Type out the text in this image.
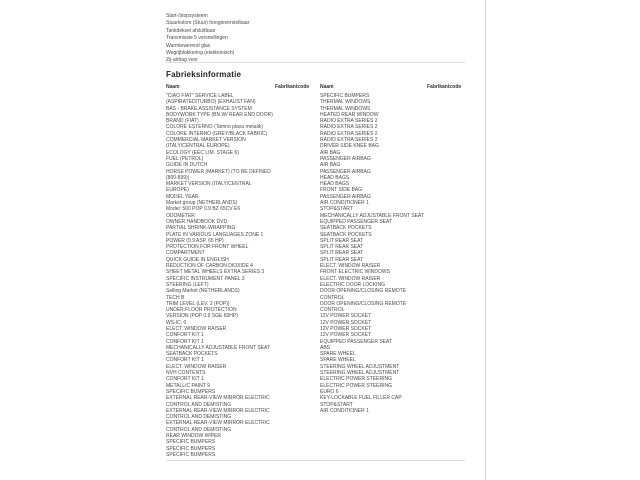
Start-/stopsysteem
Stuurkolom (Stuur) hoogteverstelbaar
Tankdeksel afsluitbaar
Transmissie 5 versnellingen
Warmtewerend glas
Wegrijblokkering (elektronisch)
Zij-airbag voor
Fabrieksinformatie
Naam	Fabrikantcode Naam	Fabrikantcode
"CIAO FIAT" SERVICE LABEL
(ASPIRATED/TURBO) (EXHAUST FAN)
BAS - BRAKE ASSISTANCE SYSTEM
BODYWORK TYPE (BN.W/ REAR END DOOR)
BRAND (FIAT)
COLORE ESTERNO (Tamno plava metalik)
COLORE INTERNO (GREY/BLACK FABRIC)
COMMERCIAL MARKET VERSION
(ITALY/CENTRAL EUROPE)
ECOLOGY (EEC LIM. STAGE 6)
FUEL (PETROL)
GUIDE IN DUTCH
HORSE POWER (MARKET) (TO BE DEFINED
(800-899))
MARKET VERSION (ITALY/CENTRAL
EUROPE)
MODEL YEAR
Market group (NETHERLANDS)
Model: 500 POP 0.9 BZ 65CV E6
ODOMETER
OWNER HANDBOOK DVD
PARTIAL SHRINK-WRAPPING
PLATE IN VARIOUS LANGUAGES ZONE 1
POWER (0.9 ASP. 65 HP)
PROTECTION FOR FRONT WHEEL
COMPARTMENT
QUICK GUIDE IN ENGLISH
REDUCTION OF CARBON DIOXIDE 4
SHEET METAL WHEELS EXTRA SERIES 3
SPECIFIC INSTRUMENT PANEL 3
STEERING (LEFT)
Selling Market (NETHERLANDS)
TECH B
TRIM LEVEL (LEV. 2 (POP))
UNDER FLOOR PROTECTION
VERSION (POP 0.9 SGE 65HP)
WS-IC: 0
ELECT. WINDOW RAISER
CONFORT KIT 1
CONFORT KIT 1
MECHANICALLY ADJUSTABLE FRONT SEAT
SEATBACK POCKETS
CONFORT KIT 1
ELECT. WINDOW RAISER
NVH CONTENTS
CONFORT KIT 1
METALLIC PAINT 9
SPECIFIC BUMPERS
EXTERNAL REAR-VIEW MIRROR ELECTRIC
CONTROL AND DEMISTING
EXTERNAL REAR-VIEW MIRROR ELECTRIC
CONTROL AND DEMISTING
EXTERNAL REAR-VIEW MIRROR ELECTRIC
CONTROL AND DEMISTING
REAR WINDOW WIPER
SPECIFIC BUMPERS
SPECIFIC BUMPERS
SPECIFIC BUMPERS
SPECIFIC BUMPERS
THERMAL WINDOWS
THERMAL WINDOWS
HEATED REAR WINDOW
RADIO EXTRA SERIES 2
RADIO EXTRA SERIES 2
RADIO EXTRA SERIES 2
RADIO EXTRA SERIES 2
DRIVER SIDE KNEE BAG
AIR BAG
PASSENGER AIRBAG
AIR BAG
PASSENGER AIRBAG
HEAD BAGS
HEAD BAGS
FRONT SIDE BAG
PASSENGER AIRBAG
AIR CONDITIONER 1
STOP&START
MECHANICALLY ADJUSTABLE FRONT SEAT
EQUIPPED PASSENGER SEAT
SEATBACK POCKETS
SEATBACK POCKETS
SPLIT REAR SEAT
SPLIT REAR SEAT
SPLIT REAR SEAT
SPLIT REAR SEAT
ELECT. WINDOW RAISER
FRONT ELECTRIC WINDOWS
ELECT. WINDOW RAISER
ELECTRIC DOOR LOCKING
DOOR OPENING/CLOSING REMOTE
CONTROL
DOOR OPENING/CLOSING REMOTE
CONTROL
12V POWER SOCKET
12V POWER SOCKET
12V POWER SOCKET
12V POWER SOCKET
EQUIPPED PASSENGER SEAT
ABS
SPARE WHEEL
SPARE WHEEL
STEERING WHEEL ADJUSTMENT
STEERING WHEEL ADJUSTMENT
ELECTRIC POWER STEERING
ELECTRIC POWER STEERING
EURO 6
KEY-LOCKABLE FUEL FILLER CAP
STOP&START
AIR CONDITIONER 1
